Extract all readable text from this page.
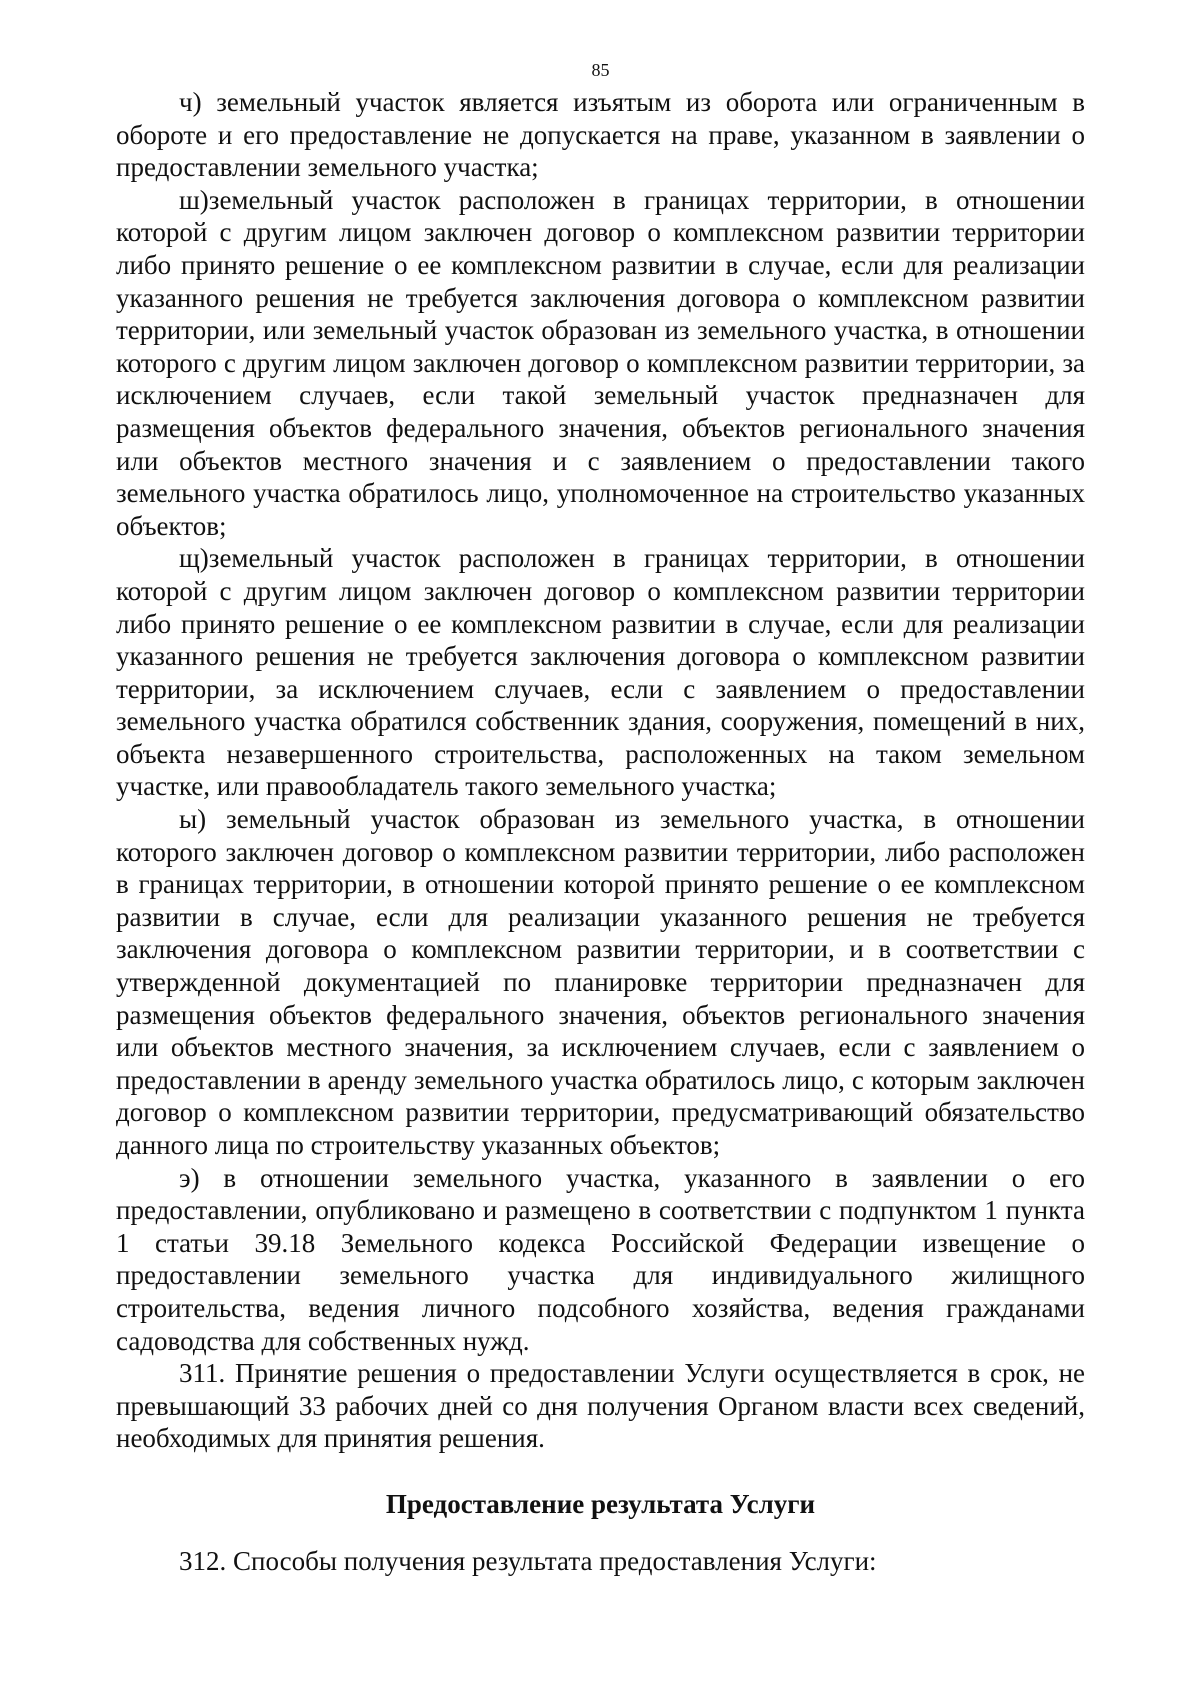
85

ч) земельный участок является изъятым из оборота или ограниченным в обороте и его предоставление не допускается на праве, указанном в заявлении о предоставлении земельного участка;

ш)земельный участок расположен в границах территории, в отношении которой с другим лицом заключен договор о комплексном развитии территории либо принято решение о ее комплексном развитии в случае, если для реализации указанного решения не требуется заключения договора о комплексном развитии территории, или земельный участок образован из земельного участка, в отношении которого с другим лицом заключен договор о комплексном развитии территории, за исключением случаев, если такой земельный участок предназначен для размещения объектов федерального значения, объектов регионального значения или объектов местного значения и с заявлением о предоставлении такого земельного участка обратилось лицо, уполномоченное на строительство указанных объектов;

щ)земельный участок расположен в границах территории, в отношении которой с другим лицом заключен договор о комплексном развитии территории либо принято решение о ее комплексном развитии в случае, если для реализации указанного решения не требуется заключения договора о комплексном развитии территории, за исключением случаев, если с заявлением о предоставлении земельного участка обратился собственник здания, сооружения, помещений в них, объекта незавершенного строительства, расположенных на таком земельном участке, или правообладатель такого земельного участка;

ы) земельный участок образован из земельного участка, в отношении которого заключен договор о комплексном развитии территории, либо расположен в границах территории, в отношении которой принято решение о ее комплексном развитии в случае, если для реализации указанного решения не требуется заключения договора о комплексном развитии территории, и в соответствии с утвержденной документацией по планировке территории предназначен для размещения объектов федерального значения, объектов регионального значения или объектов местного значения, за исключением случаев, если с заявлением о предоставлении в аренду земельного участка обратилось лицо, с которым заключен договор о комплексном развитии территории, предусматривающий обязательство данного лица по строительству указанных объектов;

э) в отношении земельного участка, указанного в заявлении о его предоставлении, опубликовано и размещено в соответствии с подпунктом 1 пункта 1 статьи 39.18 Земельного кодекса Российской Федерации извещение о предоставлении земельного участка для индивидуального жилищного строительства, ведения личного подсобного хозяйства, ведения гражданами садоводства для собственных нужд.

311. Принятие решения о предоставлении Услуги осуществляется в срок, не превышающий 33 рабочих дней со дня получения Органом власти всех сведений, необходимых для принятия решения.

Предоставление результата Услуги

312. Способы получения результата предоставления Услуги:
